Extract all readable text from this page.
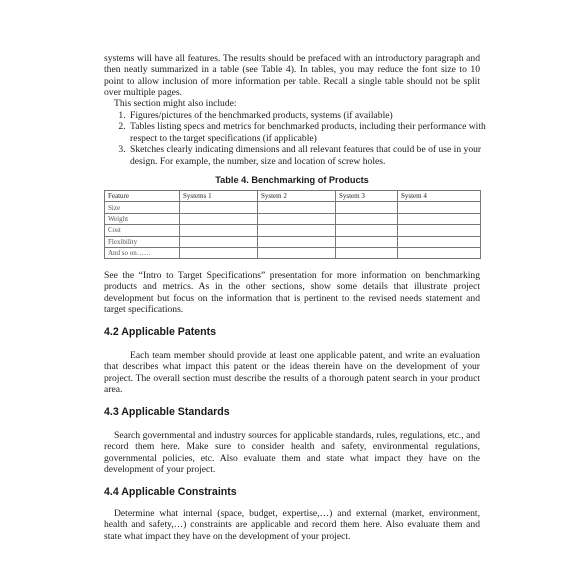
systems will have all features. The results should be prefaced with an introductory paragraph and then neatly summarized in a table (see Table 4). In tables, you may reduce the font size to 10 point to allow inclusion of more information per table. Recall a single table should not be split over multiple pages.

This section might also include:

1. Figures/pictures of the benchmarked products, systems (if available)
2. Tables listing specs and metrics for benchmarked products, including their performance with respect to the target specifications (if applicable)
3. Sketches clearly indicating dimensions and all relevant features that could be of use in your design. For example, the number, size and location of screw holes.

Table 4. Benchmarking of Products

Feature	Systems 1	System 2	System 3	System 4
Size				
Weight				
Cost				
Flexibility				
And so on……				

See the “Intro to Target Specifications” presentation for more information on benchmarking products and metrics. As in the other sections, show some details that illustrate project development but focus on the information that is pertinent to the revised needs statement and target specifications.

4.2 Applicable Patents

Each team member should provide at least one applicable patent, and write an evaluation that describes what impact this patent or the ideas therein have on the development of your project. The overall section must describe the results of a thorough patent search in your product area.

4.3 Applicable Standards

Search governmental and industry sources for applicable standards, rules, regulations, etc., and record them here. Make sure to consider health and safety, environmental regulations, governmental policies, etc. Also evaluate them and state what impact they have on the development of your project.

4.4 Applicable Constraints

Determine what internal (space, budget, expertise,…) and external (market, environment, health and safety,…) constraints are applicable and record them here. Also evaluate them and state what impact they have on the development of your project.
